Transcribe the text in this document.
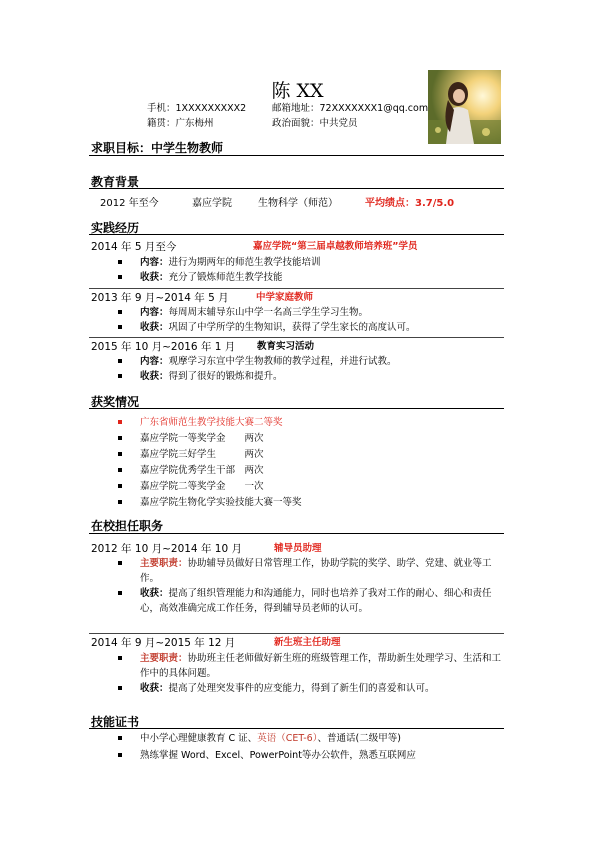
陈 XX
手机：1XXXXXXXXX2	邮箱地址：72XXXXXXX1@qq.com
籍贯：广东梅州	政治面貌：中共党员
求职目标：中学生物教师
教育背景
2012 年至今	嘉应学院	生物科学（师范）	平均绩点：3.7/5.0
实践经历
2014 年 5 月至今	嘉应学院“第三届卓越教师培养班”学员
内容：进行为期两年的师范生教学技能培训
收获：充分了锻炼师范生教学技能
2013 年 9 月~2014 年 5 月	中学家庭教师
内容：每周周末辅导东山中学一名高三学生学习生物。
收获：巩固了中学所学的生物知识，获得了学生家长的高度认可。
2015 年 10 月~2016 年 1 月 教育实习活动
内容：观摩学习东宣中学生物教师的教学过程，并进行试教。
收获：得到了很好的锻炼和提升。
获奖情况
广东省师范生教学技能大赛二等奖
嘉应学院一等奖学金　　两次
嘉应学院三好学生　　　两次
嘉应学院优秀学生干部　两次
嘉应学院二等奖学金　　一次
嘉应学院生物化学实验技能大赛一等奖
在校担任职务
2012 年 10 月~2014 年 10 月	辅导员助理
主要职责：协助辅导员做好日常管理工作，协助学院的奖学、助学、党建、就业等工作。
收获：提高了组织管理能力和沟通能力，同时也培养了我对工作的耐心、细心和责任心，高效准确完成工作任务，得到辅导员老师的认可。
2014 年 9 月~2015 年 12 月	新生班主任助理
主要职责：协助班主任老师做好新生班的班级管理工作，帮助新生处理学习、生活和工作中的具体问题。
收获：提高了处理突发事件的应变能力，得到了新生们的喜爱和认可。
技能证书
中小学心理健康教育 C 证、英语（CET-6）、普通话(二级甲等)
熟练掌握 Word、Excel、PowerPoint等办公软件，熟悉互联网应
